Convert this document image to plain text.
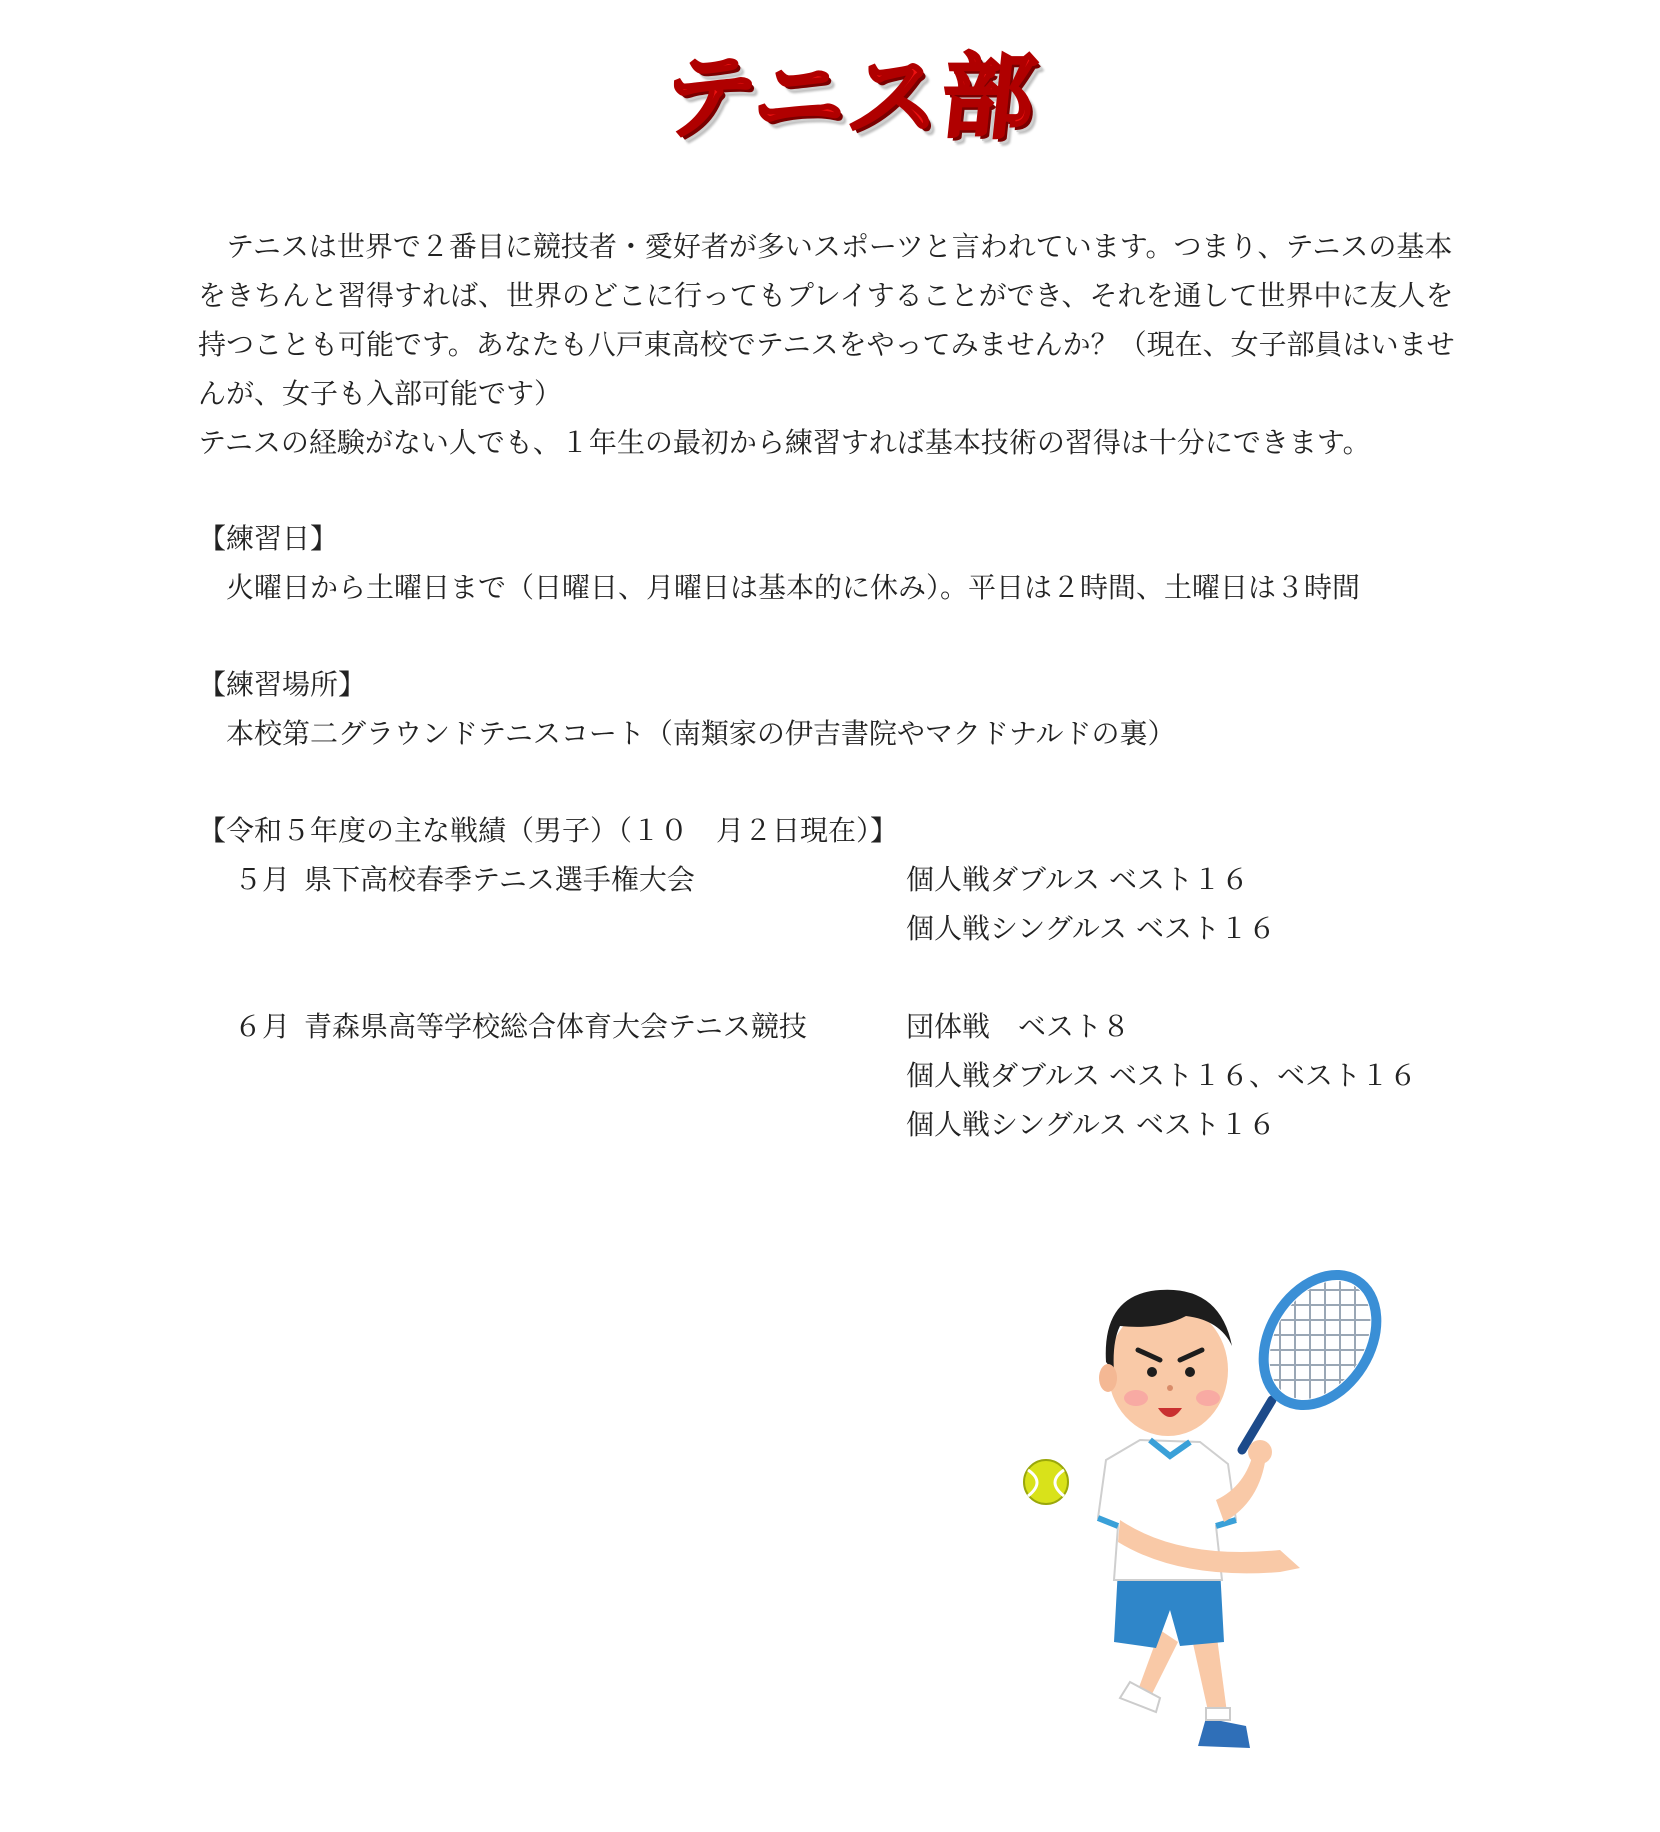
テニス部

テニスは世界で２番目に競技者・愛好者が多いスポーツと言われています。つまり、テニスの基本をきちんと習得すれば、世界のどこに行ってもプレイすることができ、それを通して世界中に友人を持つことも可能です。あなたも八戸東高校でテニスをやってみませんか？（現在、女子部員はいませんが、女子も入部可能です）

テニスの経験がない人でも、１年生の最初から練習すれば基本技術の習得は十分にできます。

【練習日】

火曜日から土曜日まで（日曜日、月曜日は基本的に休み）。平日は２時間、土曜日は３時間

【練習場所】

本校第二グラウンドテニスコート（南類家の伊吉書院やマクドナルドの裏）

【令和５年度の主な戦績（男子）（１０　月２日現在）】

５月 県下高校春季テニス選手権大会	個人戦ダブルス ベスト１６
個人戦シングルス ベスト１６
６月 青森県高等学校総合体育大会テニス競技	団体戦　ベスト８
個人戦ダブルス ベスト１６、ベスト１６
個人戦シングルス ベスト１６
